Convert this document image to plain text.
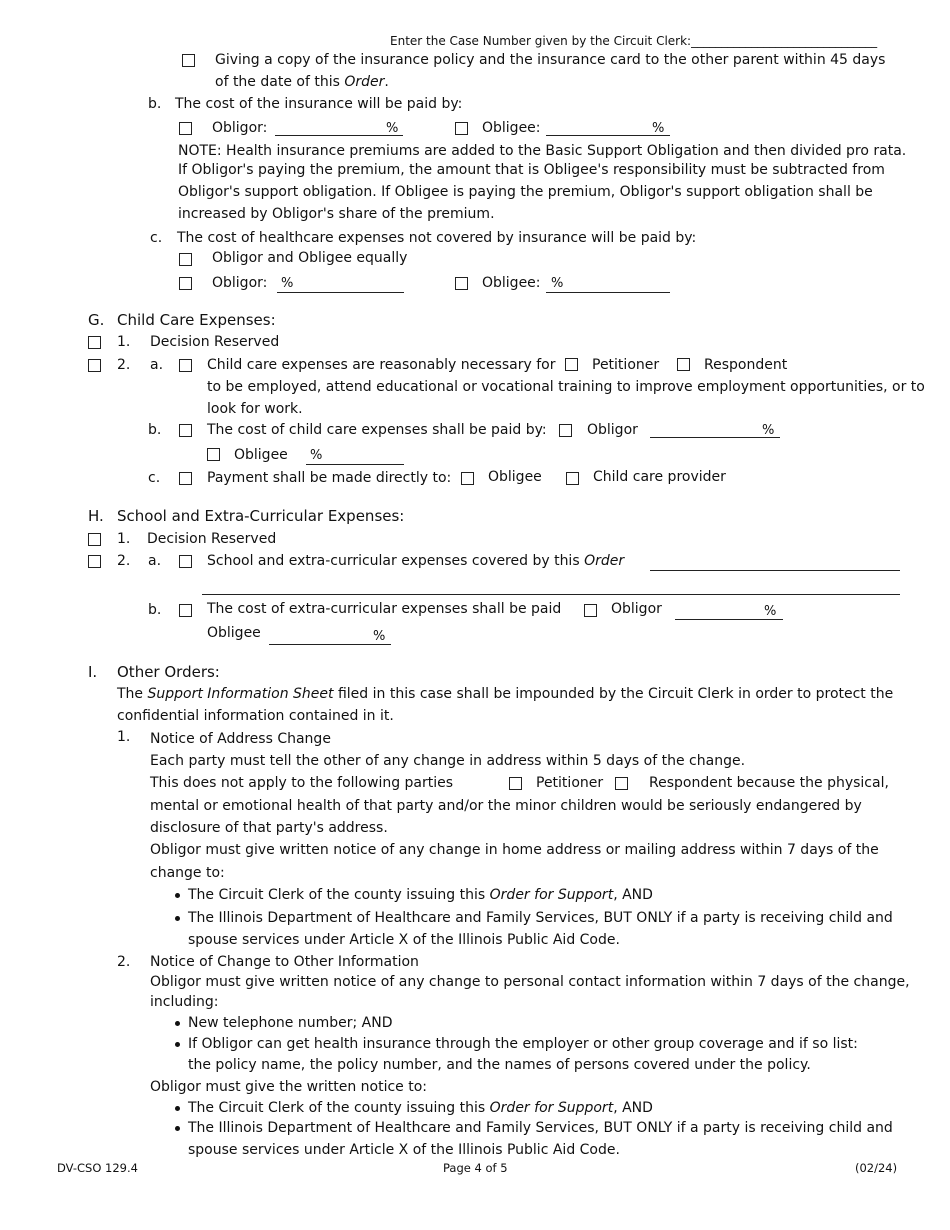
Enter the Case Number given by the Circuit Clerk:_______________________________
Giving a copy of the insurance policy and the insurance card to the other parent within 45 days
of the date of this Order.
b. The cost of the insurance will be paid by:
Obligor:	%	Obligee:	%
NOTE: Health insurance premiums are added to the Basic Support Obligation and then divided pro rata.
If Obligor's paying the premium, the amount that is Obligee's responsibility must be subtracted from
Obligor's support obligation. If Obligee is paying the premium, Obligor's support obligation shall be
increased by Obligor's share of the premium.
c. The cost of healthcare expenses not covered by insurance will be paid by:
Obligor and Obligee equally
Obligor: %	Obligee: %
G. Child Care Expenses:
1. Decision Reserved
2. a.	Child care expenses are reasonably necessary for	Petitioner	Respondent
to be employed, attend educational or vocational training to improve employment opportunities, or to
look for work.
b.	The cost of child care expenses shall be paid by:	Obligor	%
Obligee %
c.	Payment shall be made directly to:	Obligee	Child care provider
H. School and Extra-Curricular Expenses:
1. Decision Reserved
2. a.	School and extra-curricular expenses covered by this Order
b.	The cost of extra-curricular expenses shall be paid	Obligor	%
Obligee	%
I. Other Orders:
The Support Information Sheet filed in this case shall be impounded by the Circuit Clerk in order to protect the
confidential information contained in it.
1. Notice of Address Change
Each party must tell the other of any change in address within 5 days of the change.
This does not apply to the following parties	Petitioner	Respondent because the physical,
mental or emotional health of that party and/or the minor children would be seriously endangered by
disclosure of that party's address.
Obligor must give written notice of any change in home address or mailing address within 7 days of the
change to:
The Circuit Clerk of the county issuing this Order for Support, AND
The Illinois Department of Healthcare and Family Services, BUT ONLY if a party is receiving child and
spouse services under Article X of the Illinois Public Aid Code.
2. Notice of Change to Other Information
Obligor must give written notice of any change to personal contact information within 7 days of the change,
including:
New telephone number; AND
If Obligor can get health insurance through the employer or other group coverage and if so list:
the policy name, the policy number, and the names of persons covered under the policy.
Obligor must give the written notice to:
The Circuit Clerk of the county issuing this Order for Support, AND
The Illinois Department of Healthcare and Family Services, BUT ONLY if a party is receiving child and
spouse services under Article X of the Illinois Public Aid Code.
DV-CSO 129.4	Page 4 of 5	(02/24)
